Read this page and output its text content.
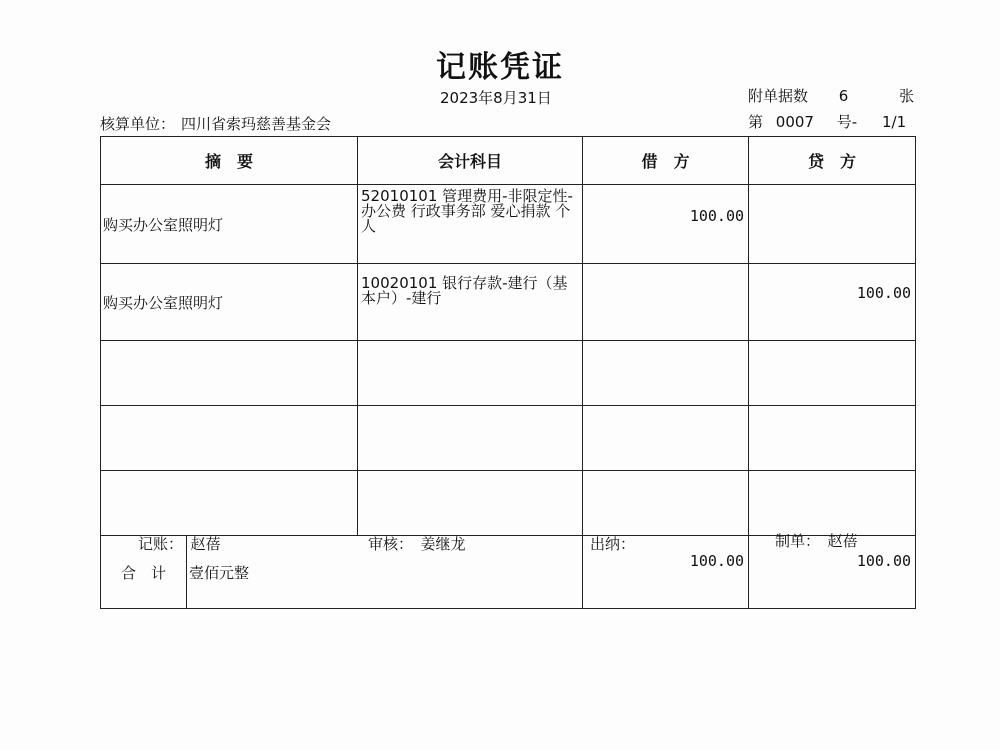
记账凭证
2023年8月31日	附单据数 6	张
核算单位： 四川省索玛慈善基金会	第 0007 号- 1/1
摘　要		会计科目	借　方	贷　方
购买办公室照明灯		52010101 管理费用-非限定性-办公费 行政事务部 爱心捐款 个人	100.00	
购买办公室照明灯		10020101 银行存款-建行（基本户）-建行		100.00

合　计	壹佰元整		100.00	100.00
记账：　赵蓓	审核：　姜继龙	出纳：	制单：　赵蓓
